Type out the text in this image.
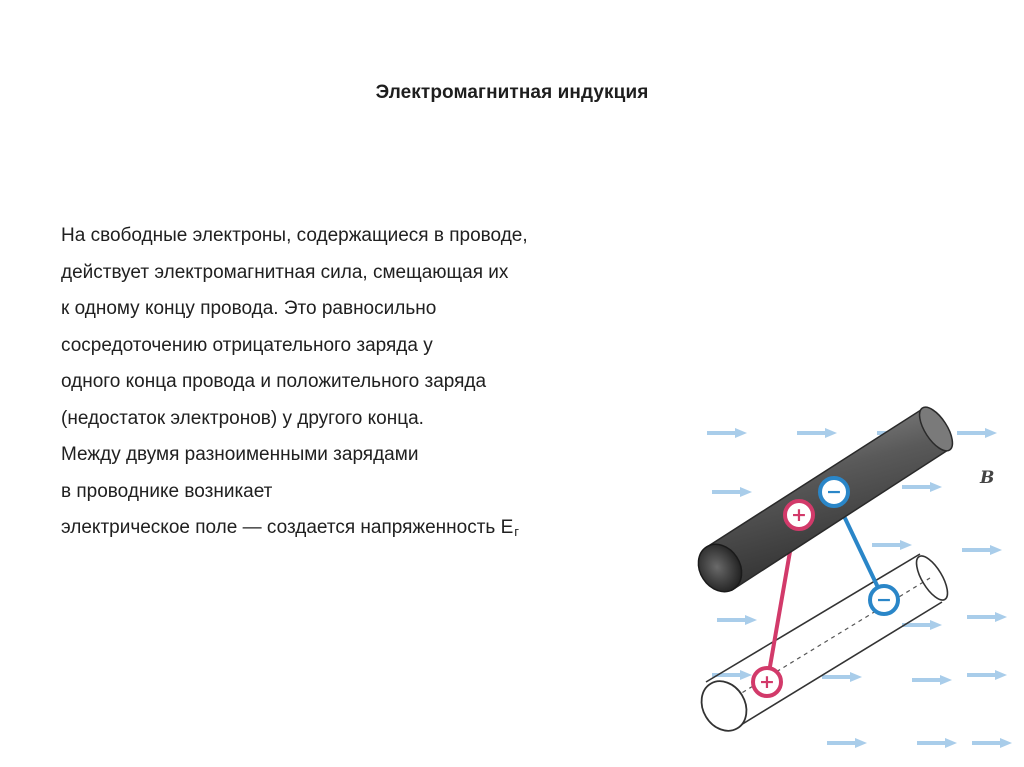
Электромагнитная индукция
На свободные электроны, содержащиеся в проводе,
действует электромагнитная сила, смещающая их
к одному концу провода. Это равносильно
сосредоточению отрицательного заряда у
одного конца провода и положительного заряда
(недостаток электронов) у другого конца.
Между двумя разноименными зарядами
в проводнике возникает
электрическое поле — создается напряженность $E_г$
B
+
−
−
+
